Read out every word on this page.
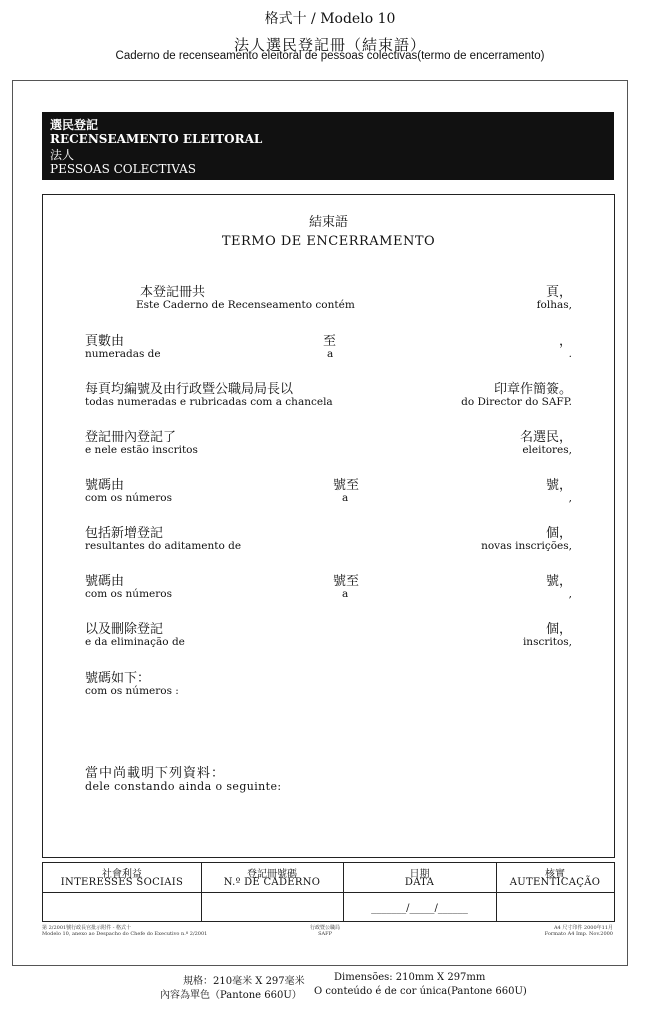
格式十 / Modelo 10
法人選民登記冊（結束語）
Caderno de recenseamento eleitoral de pessoas colectivas(termo de encerramento)
選民登記
RECENSEAMENTO ELEITORAL
法人
PESSOAS COLECTIVAS
結束語
TERMO DE ENCERRAMENTO
本登記冊共
Este Caderno de Recenseamento contém
頁，
folhas,
頁數由
numeradas de
至
a
，
.
每頁均編號及由行政暨公職局局長以
todas numeradas e rubricadas com a chancela
印章作簡簽。
do Director do SAFP.
登記冊內登記了
e nele estão inscritos
名選民，
eleitores,
號碼由
com os números
號至
a
號，
,
包括新增登記
resultantes do aditamento de
個，
novas inscrições,
號碼由
com os números
號至
a
號，
,
以及刪除登記
e da eliminação de
個，
inscritos,
號碼如下：
com os números :
當中尚載明下列資料：
dele constando ainda o seguinte:
社會利益
INTERESSES SOCIAIS
登記冊號碼
N.º DE CADERNO
日期
DATA
核實
AUTENTICAÇÃO
_______/_____/______
第 2/2001號行政長官批示附件 - 格式十
Modelo 10, anexo ao Despacho do Chefe do Executivo n.º 2/2001
行政暨公職局
SAFP
A4 尺寸印件 2000年11月
Formato A4 Imp. Nov.2000
規格：210毫米 X 297毫米	Dimensões: 210mm X 297mm
內容為單色（Pantone 660U） O conteúdo é de cor única(Pantone 660U)
